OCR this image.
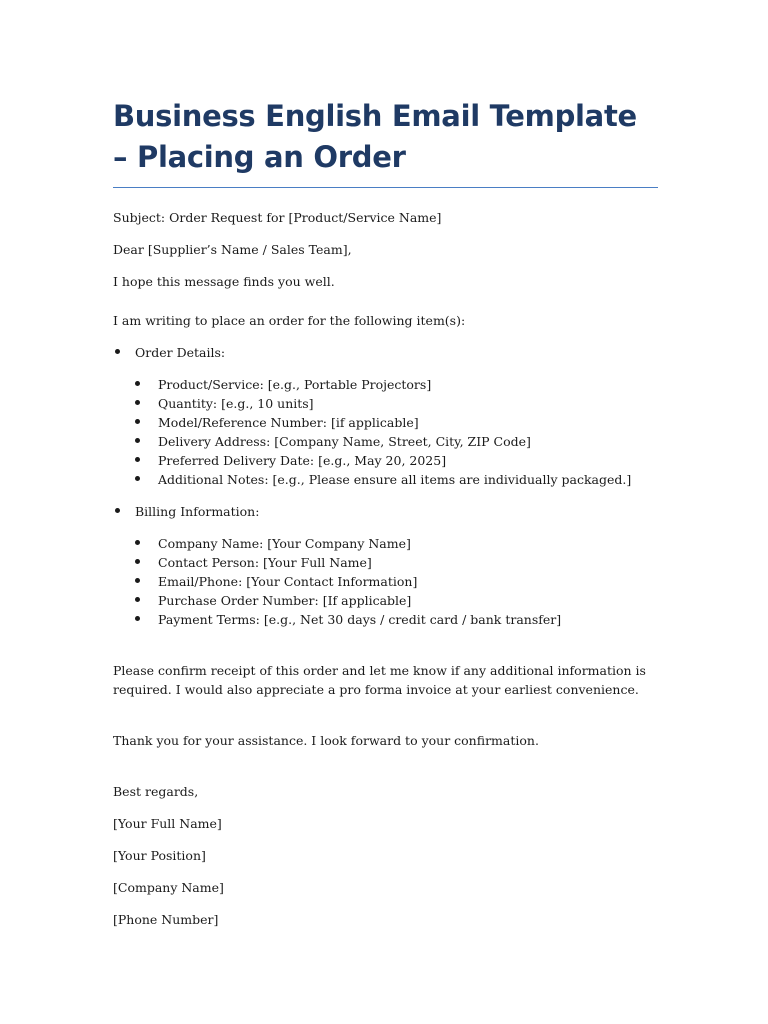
Business English Email Template – Placing an Order

Subject: Order Request for [Product/Service Name]

Dear [Supplier’s Name / Sales Team],

I hope this message finds you well.

I am writing to place an order for the following item(s):

Order Details:
Product/Service: [e.g., Portable Projectors]
Quantity: [e.g., 10 units]
Model/Reference Number: [if applicable]
Delivery Address: [Company Name, Street, City, ZIP Code]
Preferred Delivery Date: [e.g., May 20, 2025]
Additional Notes: [e.g., Please ensure all items are individually packaged.]
Billing Information:
Company Name: [Your Company Name]
Contact Person: [Your Full Name]
Email/Phone: [Your Contact Information]
Purchase Order Number: [If applicable]
Payment Terms: [e.g., Net 30 days / credit card / bank transfer]

Please confirm receipt of this order and let me know if any additional information is required. I would also appreciate a pro forma invoice at your earliest convenience.

Thank you for your assistance. I look forward to your confirmation.

Best regards,

[Your Full Name]

[Your Position]

[Company Name]

[Phone Number]
